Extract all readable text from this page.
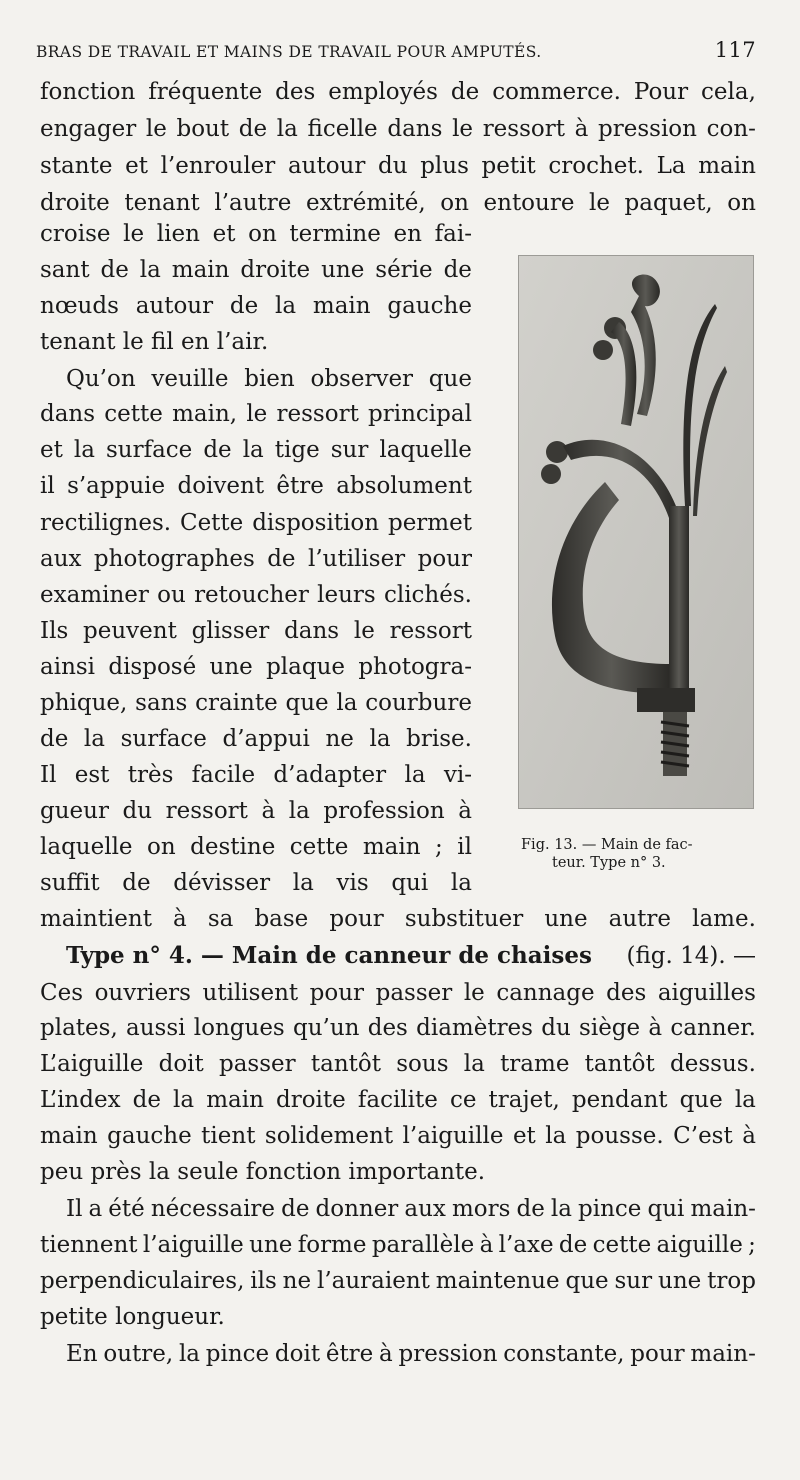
BRAS DE TRAVAIL ET MAINS DE TRAVAIL POUR AMPUTÉS.	117
fonction fréquente des employés de commerce. Pour cela,
engager le bout de la ficelle dans le ressort à pression con-
stante et l’enrouler autour du plus petit crochet. La main
droite tenant l’autre extrémité, on entoure le paquet, on
croise le lien et on termine en fai-
sant de la main droite une série de
nœuds autour de la main gauche
tenant le fil en l’air.
Qu’on veuille bien observer que
dans cette main, le ressort principal
et la surface de la tige sur laquelle
il s’appuie doivent être absolument
rectilignes. Cette disposition permet
aux photographes de l’utiliser pour
examiner ou retoucher leurs clichés.
Ils peuvent glisser dans le ressort
ainsi disposé une plaque photogra-
phique, sans crainte que la courbure
de la surface d’appui ne la brise.
Il est très facile d’adapter la vi-
gueur du ressort à la profession à
laquelle on destine cette main ; il
suffit de dévisser la vis qui la
maintient à sa base pour substituer une autre lame.
Type n° 4. — Main de canneur de chaises (fig. 14). —
Ces ouvriers utilisent pour passer le cannage des aiguilles
plates, aussi longues qu’un des diamètres du siège à canner.
L’aiguille doit passer tantôt sous la trame tantôt dessus.
L’index de la main droite facilite ce trajet, pendant que la
main gauche tient solidement l’aiguille et la pousse. C’est à
peu près la seule fonction importante.
Il a été nécessaire de donner aux mors de la pince qui main-
tiennent l’aiguille une forme parallèle à l’axe de cette aiguille ;
perpendiculaires, ils ne l’auraient maintenue que sur une trop
petite longueur.
En outre, la pince doit être à pression constante, pour main-
Fig. 13. — Main de fac-
teur. Type n° 3.
